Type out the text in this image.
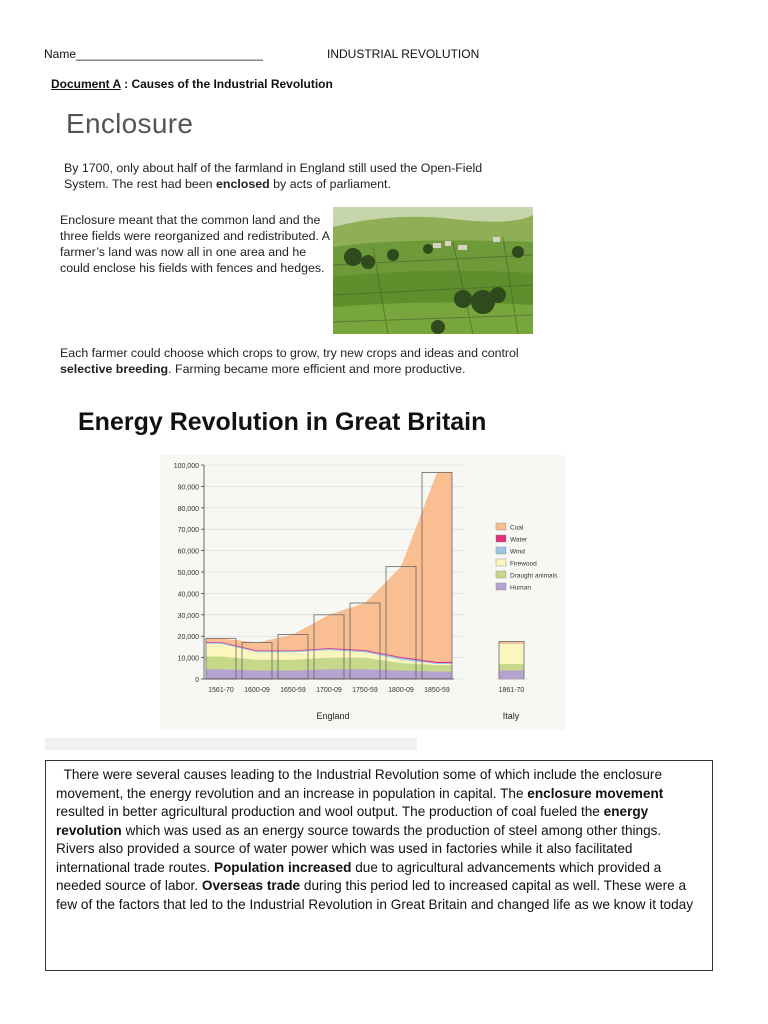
Name____________________________	INDUSTRIAL REVOLUTION
Document A : Causes of the Industrial Revolution
Enclosure
By 1700, only about half of the farmland in England still used the Open-Field System. The rest had been enclosed by acts of parliament.
Enclosure meant that the common land and the three fields were reorganized and redistributed. A farmer’s land was now all in one area and he could enclose his fields with fences and hedges.
Each farmer could choose which crops to grow, try new crops and ideas and control selective breeding. Farming became more efficient and more productive.
Energy Revolution in Great Britain
0
10,000
20,000
30,000
40,000
50,000
60,000
70,000
80,000
90,000
100,000
1561-70 1600-09 1650-59 1700-09 1750-59 1800-09 1850-59
England
1861-70
Italy
Coal
Water
Wind
Firewood
Draught animals
Human
There were several causes leading to the Industrial Revolution some of which include the enclosure movement, the energy revolution and an increase in population in capital. The enclosure movement resulted in better agricultural production and wool output. The production of coal fueled the energy revolution which was used as an energy source towards the production of steel among other things. Rivers also provided a source of water power which was used in factories while it also facilitated international trade routes. Population increased due to agricultural advancements which provided a needed source of labor. Overseas trade during this period led to increased capital as well. These were a few of the factors that led to the Industrial Revolution in Great Britain and changed life as we know it today
